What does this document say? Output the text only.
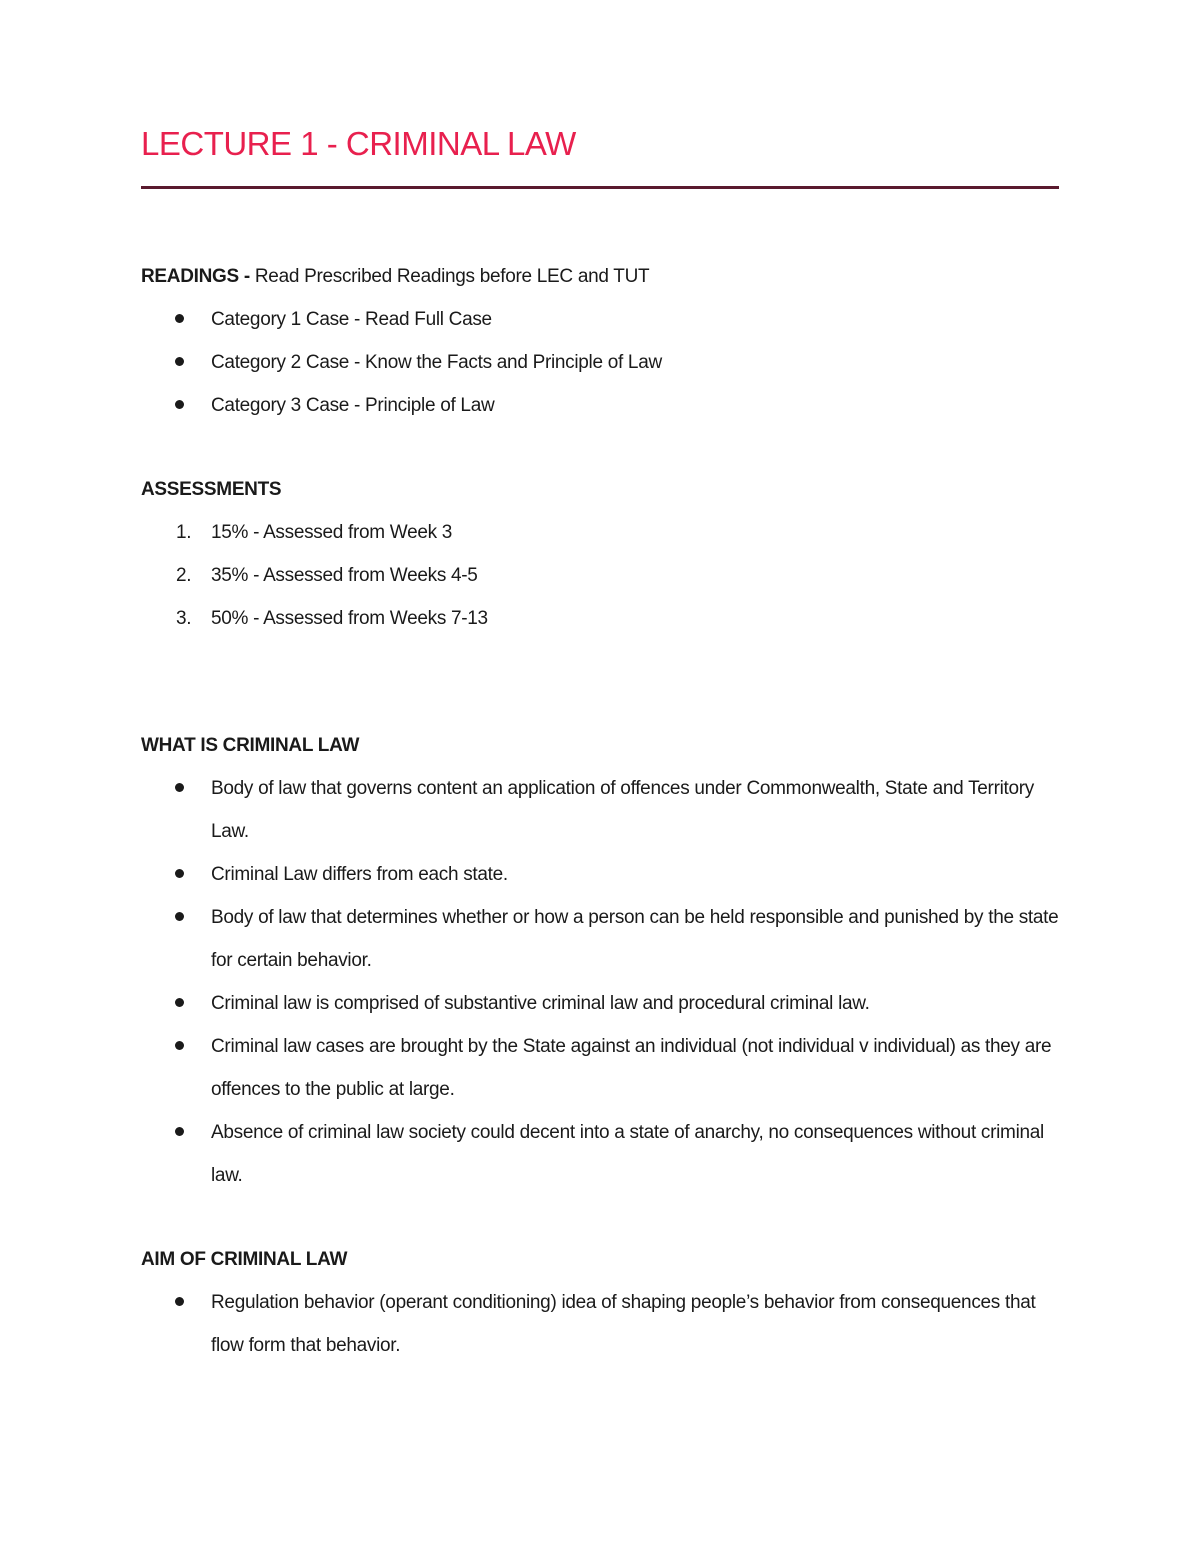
LECTURE 1 - CRIMINAL LAW

READINGS - Read Prescribed Readings before LEC and TUT

Category 1 Case - Read Full Case
Category 2 Case - Know the Facts and Principle of Law
Category 3 Case - Principle of Law

ASSESSMENTS

1. 15% - Assessed from Week 3
2. 35% - Assessed from Weeks 4-5
3. 50% - Assessed from Weeks 7-13

WHAT IS CRIMINAL LAW

Body of law that governs content an application of offences under Commonwealth, State and Territory Law.
Criminal Law differs from each state.
Body of law that determines whether or how a person can be held responsible and punished by the state for certain behavior.
Criminal law is comprised of substantive criminal law and procedural criminal law.
Criminal law cases are brought by the State against an individual (not individual v individual) as they are offences to the public at large.
Absence of criminal law society could decent into a state of anarchy, no consequences without criminal law.

AIM OF CRIMINAL LAW

Regulation behavior (operant conditioning) idea of shaping people’s behavior from consequences that flow form that behavior.
